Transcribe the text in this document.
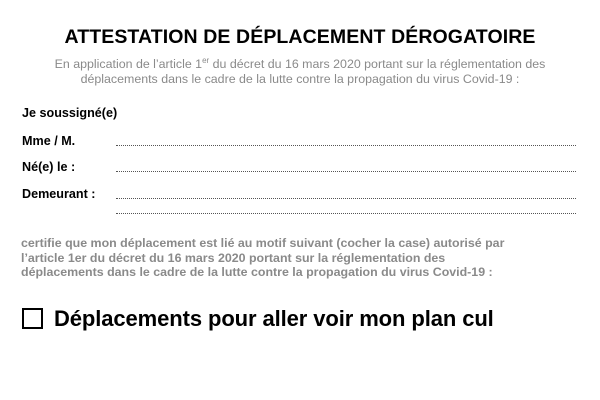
ATTESTATION DE DÉPLACEMENT DÉROGATOIRE
En application de l’article 1er du décret du 16 mars 2020 portant sur la réglementation des
déplacements dans le cadre de la lutte contre la propagation du virus Covid-19 :
Je soussigné(e)
Mme / M.
Né(e) le :
Demeurant :
certifie que mon déplacement est lié au motif suivant (cocher la case) autorisé par
l’article 1er du décret du 16 mars 2020 portant sur la réglementation des
déplacements dans le cadre de la lutte contre la propagation du virus Covid-19 :
Déplacements pour aller voir mon plan cul
